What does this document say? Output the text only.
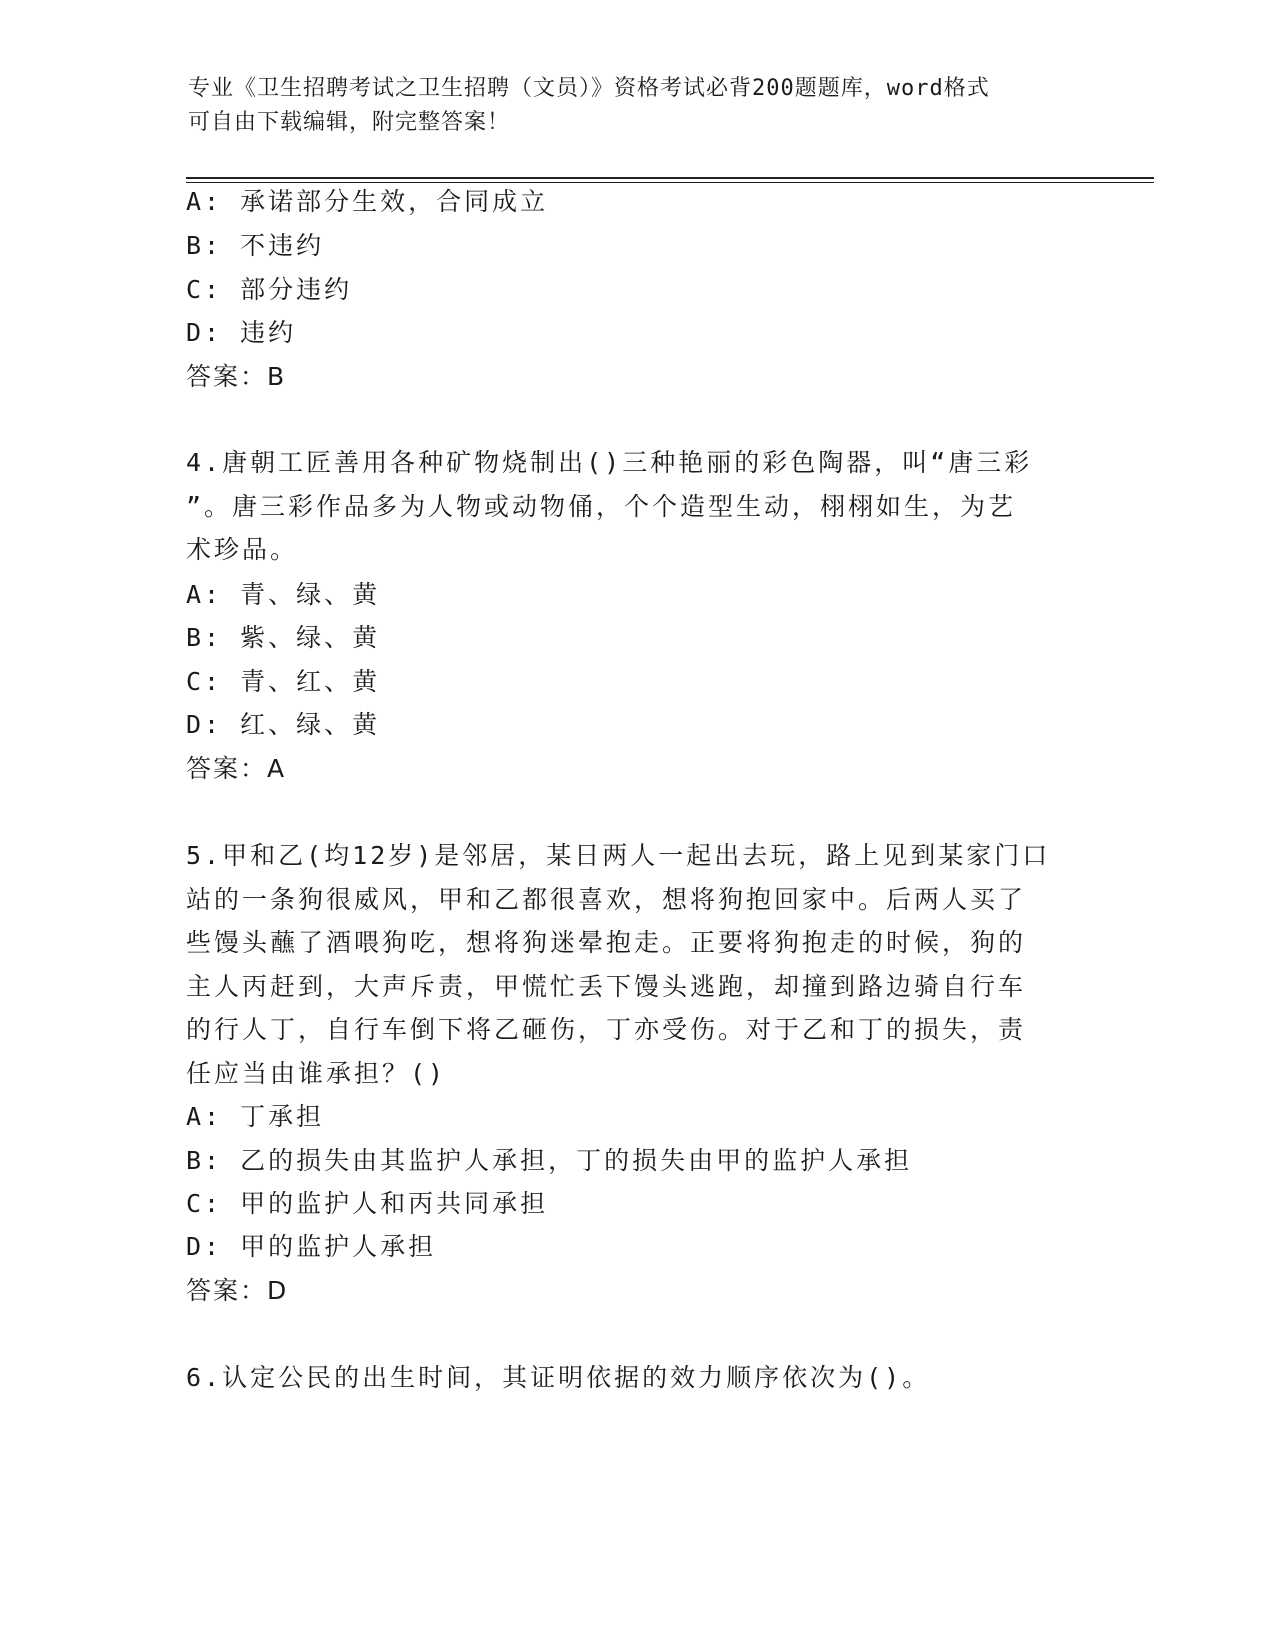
专业《卫生招聘考试之卫生招聘（文员）》资格考试必背200题题库，word格式
可自由下载编辑，附完整答案！
A: 承诺部分生效，合同成立
B: 不违约
C: 部分违约
D: 违约
答案：B
4.唐朝工匠善用各种矿物烧制出()三种艳丽的彩色陶器，叫“唐三彩
”。唐三彩作品多为人物或动物俑，个个造型生动，栩栩如生，为艺
术珍品。
A: 青、绿、黄
B: 紫、绿、黄
C: 青、红、黄
D: 红、绿、黄
答案：A
5.甲和乙(均12岁)是邻居，某日两人一起出去玩，路上见到某家门口
站的一条狗很威风，甲和乙都很喜欢，想将狗抱回家中。后两人买了
些馒头蘸了酒喂狗吃，想将狗迷晕抱走。正要将狗抱走的时候，狗的
主人丙赶到，大声斥责，甲慌忙丢下馒头逃跑，却撞到路边骑自行车
的行人丁，自行车倒下将乙砸伤，丁亦受伤。对于乙和丁的损失，责
任应当由谁承担？()
A: 丁承担
B: 乙的损失由其监护人承担，丁的损失由甲的监护人承担
C: 甲的监护人和丙共同承担
D: 甲的监护人承担
答案：D
6.认定公民的出生时间，其证明依据的效力顺序依次为()。
